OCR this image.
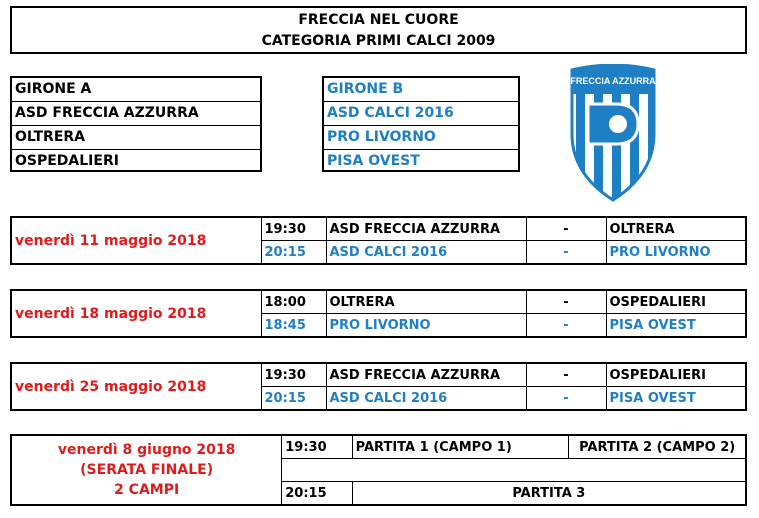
FRECCIA NEL CUORE
CATEGORIA PRIMI CALCI 2009
GIRONE A
ASD FRECCIA AZZURRA
OLTRERA
OSPEDALIERI
GIRONE B
ASD CALCI 2016
PRO LIVORNO
PISA OVEST
FRECCIA AZZURRA
venerdì 11 maggio 2018	19:30	ASD FRECCIA AZZURRA	-	OLTRERA
	20:15	ASD CALCI 2016	-	PRO LIVORNO
venerdì 18 maggio 2018	18:00	OLTRERA	-	OSPEDALIERI
	18:45	PRO LIVORNO	-	PISA OVEST
venerdì 25 maggio 2018	19:30	ASD FRECCIA AZZURRA	-	OSPEDALIERI
	20:15	ASD CALCI 2016	-	PISA OVEST
venerdì 8 giugno 2018
(SERATA FINALE)
2 CAMPI	19:30	PARTITA 1 (CAMPO 1)	PARTITA 2 (CAMPO 2)

	20:15	PARTITA 3	
